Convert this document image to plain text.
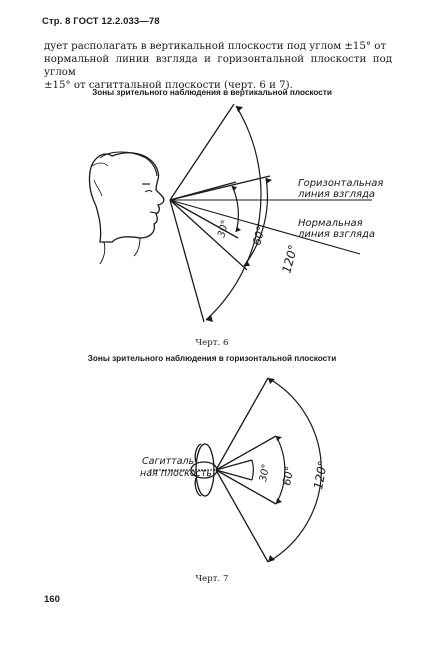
Стр. 8 ГОСТ 12.2.033—78

дует располагать в вертикальной плоскости под углом ±15° от

нормальной линии взгляда и горизонтальной плоскости под углом

±15° от сагиттальной плоскости (черт. 6 и 7).

Зоны зрительного наблюдения в вертикальной плоскости
30° 60°
120°
Горизонтальная
линия взгляда
Нормальная
линия взгляда
Черт. 6
Зоны зрительного наблюдения в горизонтальной плоскости
30° 60° 120°
Сагитталь-
ная плоскость
Черт. 7
160
